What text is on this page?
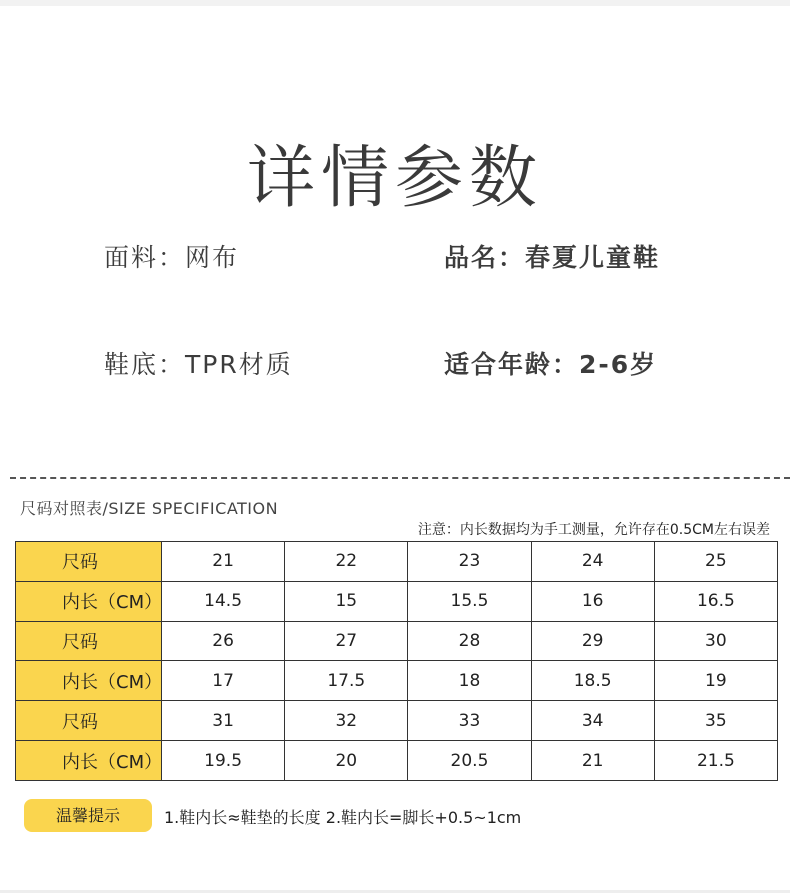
详情参数
面料：网布	品名：春夏儿童鞋
鞋底：TPR材质	适合年龄：2-6岁
尺码对照表/SIZE SPECIFICATION
注意：内长数据均为手工测量，允许存在0.5CM左右误差
尺码	21	22	23	24	25
内长（CM）	14.5	15	15.5	16	16.5
尺码	26	27	28	29	30
内长（CM）	17	17.5	18	18.5	19
尺码	31	32	33	34	35
内长（CM）	19.5	20	20.5	21	21.5
温馨提示	1.鞋内长≈鞋垫的长度 2.鞋内长=脚长+0.5~1cm
